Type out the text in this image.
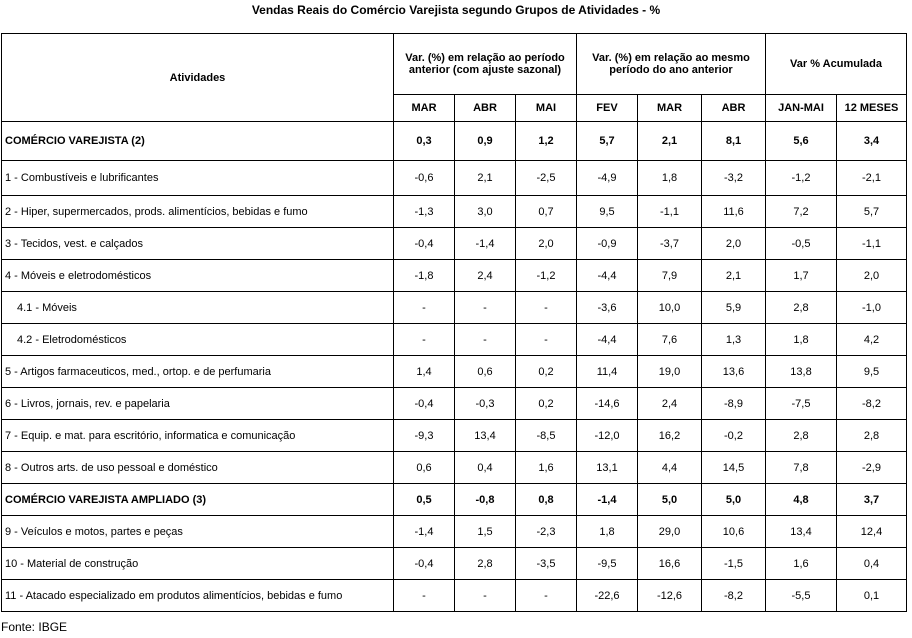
Vendas Reais do Comércio Varejista segundo Grupos de Atividades - %
Atividades	Var. (%) em relação ao período anterior (com ajuste sazonal)			Var. (%) em relação ao mesmo período do ano anterior			Var % Acumulada	
	MAR	ABR	MAI	FEV	MAR	ABR	JAN-MAI	12 MESES
COMÉRCIO VAREJISTA (2)	0,3	0,9	1,2	5,7	2,1	8,1	5,6	3,4
1 - Combustíveis e lubrificantes	-0,6	2,1	-2,5	-4,9	1,8	-3,2	-1,2	-2,1
2 - Hiper, supermercados, prods. alimentícios, bebidas e fumo	-1,3	3,0	0,7	9,5	-1,1	11,6	7,2	5,7
3 - Tecidos, vest. e calçados	-0,4	-1,4	2,0	-0,9	-3,7	2,0	-0,5	-1,1
4 - Móveis e eletrodomésticos	-1,8	2,4	-1,2	-4,4	7,9	2,1	1,7	2,0
4.1 - Móveis	-	-	-	-3,6	10,0	5,9	2,8	-1,0
4.2 - Eletrodomésticos	-	-	-	-4,4	7,6	1,3	1,8	4,2
5 - Artigos farmaceuticos, med., ortop. e de perfumaria	1,4	0,6	0,2	11,4	19,0	13,6	13,8	9,5
6 - Livros, jornais, rev. e papelaria	-0,4	-0,3	0,2	-14,6	2,4	-8,9	-7,5	-8,2
7 - Equip. e mat. para escritório, informatica e comunicação	-9,3	13,4	-8,5	-12,0	16,2	-0,2	2,8	2,8
8 - Outros arts. de uso pessoal e doméstico	0,6	0,4	1,6	13,1	4,4	14,5	7,8	-2,9
COMÉRCIO VAREJISTA AMPLIADO (3)	0,5	-0,8	0,8	-1,4	5,0	5,0	4,8	3,7
9 - Veículos e motos, partes e peças	-1,4	1,5	-2,3	1,8	29,0	10,6	13,4	12,4
10 - Material de construção	-0,4	2,8	-3,5	-9,5	16,6	-1,5	1,6	0,4
11 - Atacado especializado em produtos alimentícios, bebidas e fumo	-	-	-	-22,6	-12,6	-8,2	-5,5	0,1
Fonte: IBGE
